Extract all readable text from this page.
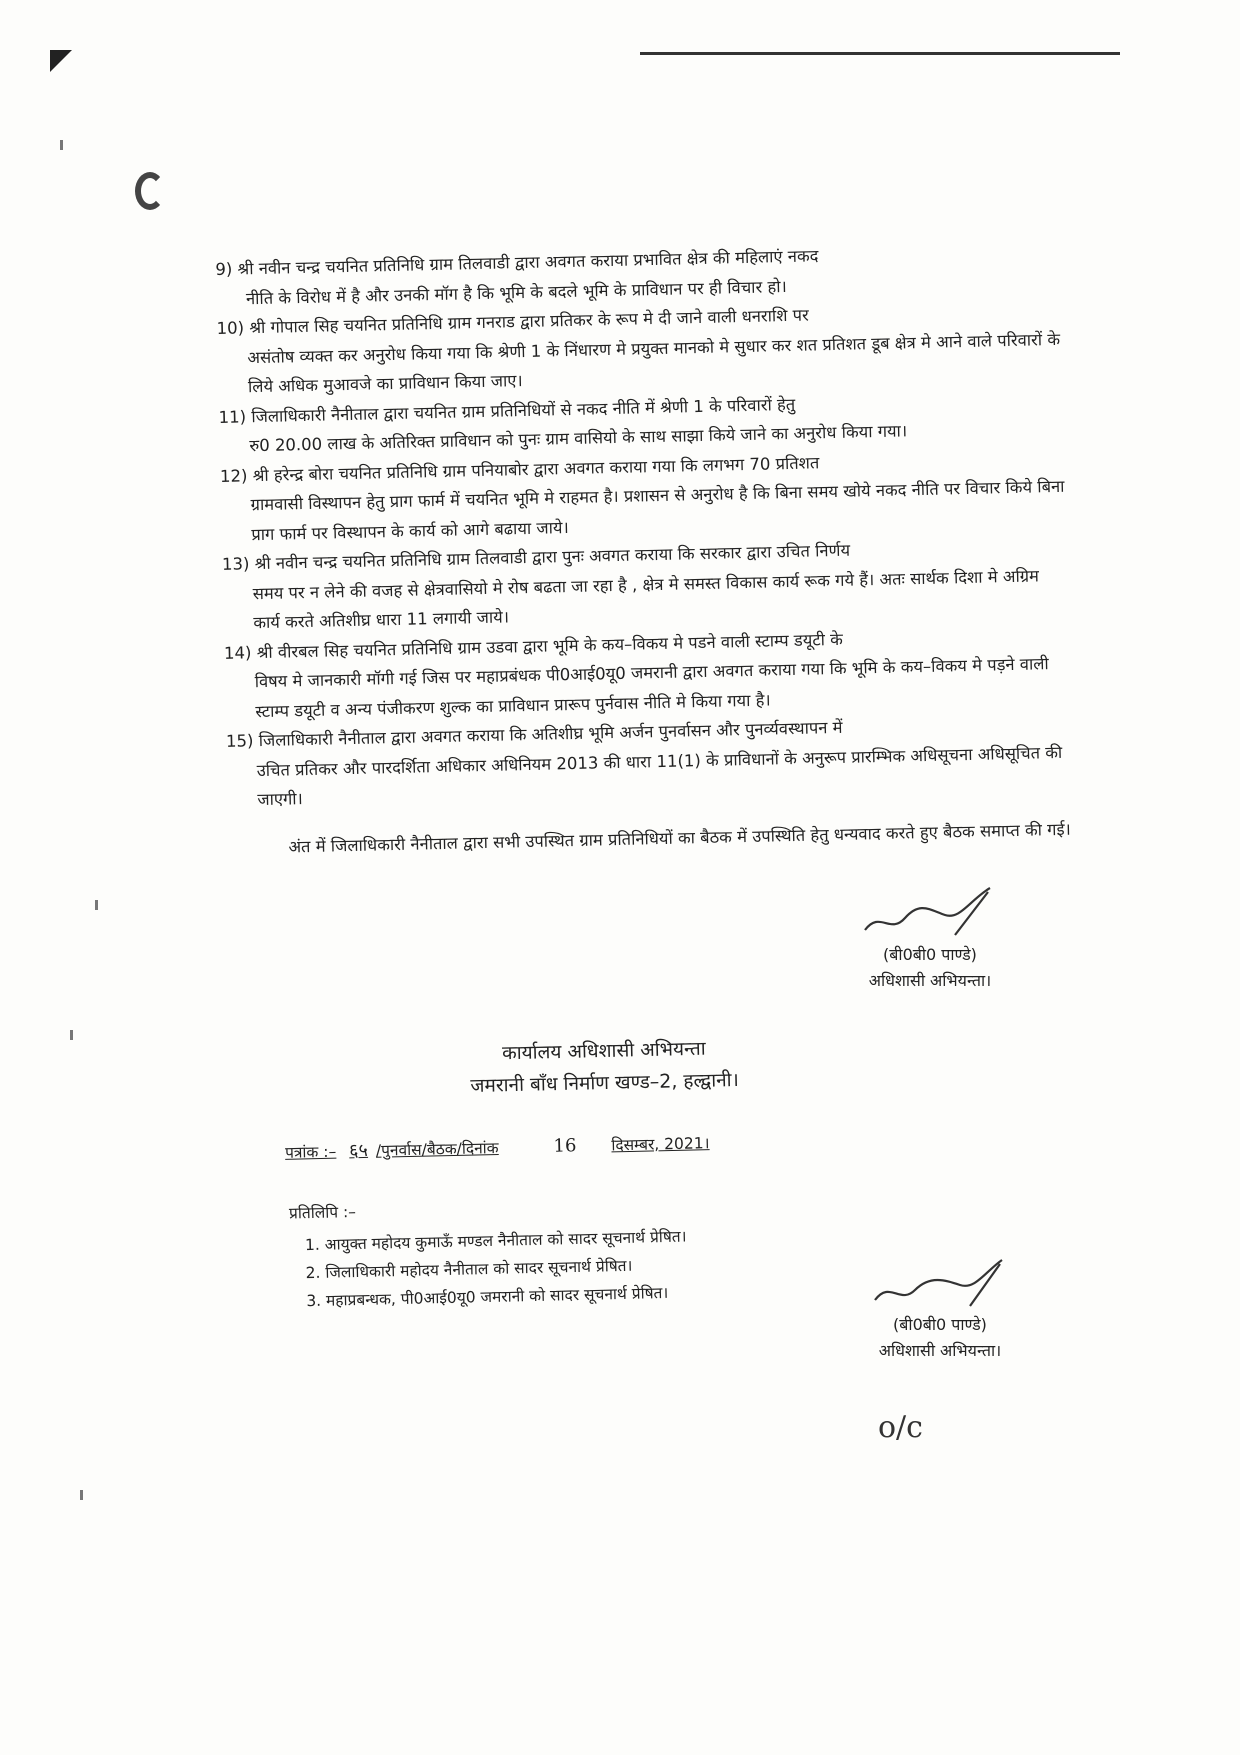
9) श्री नवीन चन्द्र चयनित प्रतिनिधि ग्राम तिलवाडी द्वारा अवगत कराया प्रभावित क्षेत्र की महिलाएं नकद
नीति के विरोध में है और उनकी मॉग है कि भूमि के बदले भूमि के प्राविधान पर ही विचार हो।

10) श्री गोपाल सिह चयनित प्रतिनिधि ग्राम गनराड द्वारा प्रतिकर के रूप मे दी जाने वाली धनराशि पर
असंतोष व्यक्त कर अनुरोध किया गया कि श्रेणी 1 के निंधारण मे प्रयुक्त मानको मे सुधार कर शत प्रतिशत डूब क्षेत्र मे आने वाले परिवारों के लिये अधिक मुआवजे का प्राविधान किया जाए।

11) जिलाधिकारी नैनीताल द्वारा चयनित ग्राम प्रतिनिधियों से नकद नीति में श्रेणी 1 के परिवारों हेतु
रु0 20.00 लाख के अतिरिक्त प्राविधान को पुनः ग्राम वासियो के साथ साझा किये जाने का अनुरोध किया गया।

12) श्री हरेन्द्र बोरा चयनित प्रतिनिधि ग्राम पनियाबोर द्वारा अवगत कराया गया कि लगभग 70 प्रतिशत
ग्रामवासी विस्थापन हेतु प्राग फार्म में चयनित भूमि मे राहमत है। प्रशासन से अनुरोध है कि बिना समय खोये नकद नीति पर विचार किये बिना प्राग फार्म पर विस्थापन के कार्य को आगे बढाया जाये।

13) श्री नवीन चन्द्र चयनित प्रतिनिधि ग्राम तिलवाडी द्वारा पुनः अवगत कराया कि सरकार द्वारा उचित निर्णय
समय पर न लेने की वजह से क्षेत्रवासियो मे रोष बढता जा रहा है , क्षेत्र मे समस्त विकास कार्य रूक गये हैं। अतः सार्थक दिशा मे अग्रिम कार्य करते अतिशीघ्र धारा 11 लगायी जाये।

14) श्री वीरबल सिह चयनित प्रतिनिधि ग्राम उडवा द्वारा भूमि के कय–विकय मे पडने वाली स्टाम्प डयूटी के
विषय मे जानकारी मॉगी गई जिस पर महाप्रबंधक पी0आई0यू0 जमरानी द्वारा अवगत कराया गया कि भूमि के कय–विकय मे पड़ने वाली स्टाम्प डयूटी व अन्य पंजीकरण शुल्क का प्राविधान प्रारूप पुर्नवास नीति मे किया गया है।

15) जिलाधिकारी नैनीताल द्वारा अवगत कराया कि अतिशीघ्र भूमि अर्जन पुनर्वासन और पुनर्व्यवस्थापन में
उचित प्रतिकर और पारदर्शिता अधिकार अधिनियम 2013 की धारा 11(1) के प्राविधानों के अनुरूप प्रारम्भिक अधिसूचना अधिसूचित की जाएगी।

अंत में जिलाधिकारी नैनीताल द्वारा सभी उपस्थित ग्राम प्रतिनिधियों का बैठक में उपस्थिति हेतु धन्यवाद करते हुए बैठक समाप्त की गई।

(बी0बी0 पाण्डे)
अधिशासी अभियन्ता।
कार्यालय अधिशासी अभियन्ता
जमरानी बाँध निर्माण खण्ड–2, हल्द्वानी।
पत्रांक :– ६५ /पुनर्वास/बैठक/दिनांक	16 दिसम्बर, 2021।
प्रतिलिपि :–
1. आयुक्त महोदय कुमाऊँ मण्डल नैनीताल को सादर सूचनार्थ प्रेषित।
2. जिलाधिकारी महोदय नैनीताल को सादर सूचनार्थ प्रेषित।
3. महाप्रबन्धक, पी0आई0यू0 जमरानी को सादर सूचनार्थ प्रेषित।
(बी0बी0 पाण्डे)
अधिशासी अभियन्ता।
o/c
